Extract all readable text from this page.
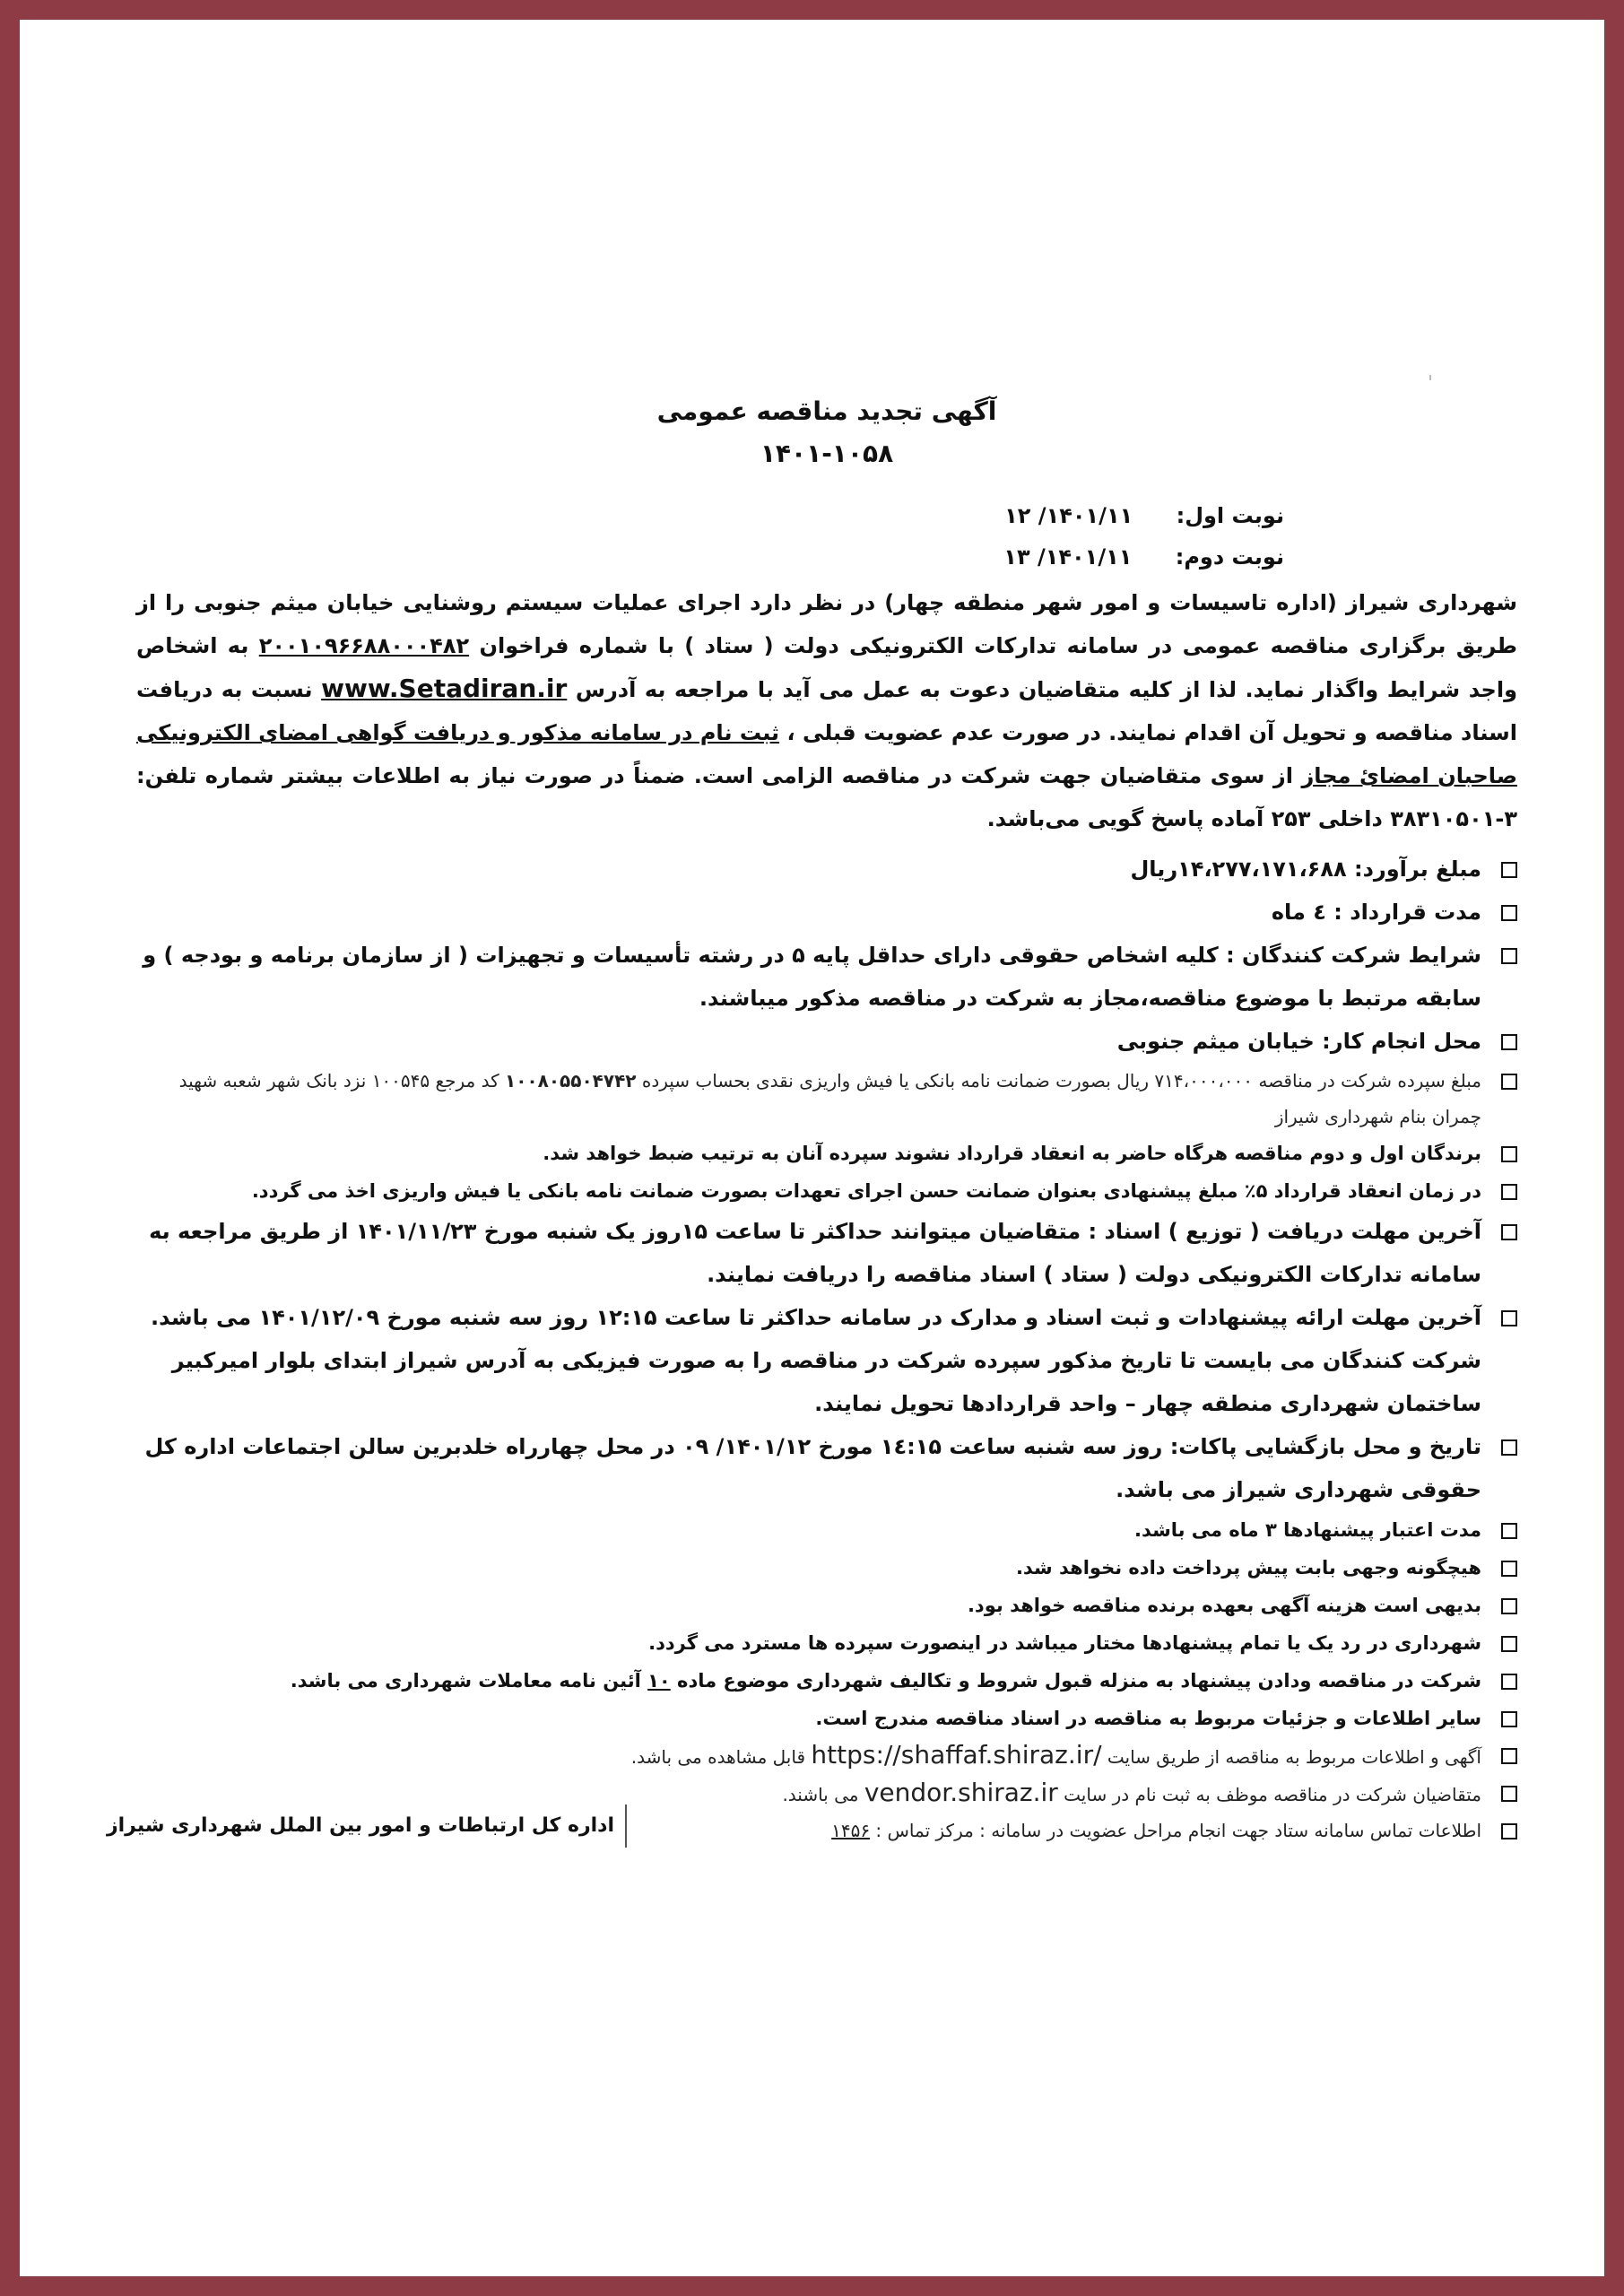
آگهی تجدید مناقصه عمومی
۱۴۰۱-۱۰۵۸
نوبت اول: ۱۴۰۱/۱۱/ ۱۲
نوبت دوم: ۱۴۰۱/۱۱/ ۱۳

شهرداری شیراز (اداره تاسیسات و امور شهر منطقه چهار) در نظر دارد اجرای عملیات سیستم روشنایی خیابان میثم جنوبی را از طریق برگزاری مناقصه عمومی در سامانه تدارکات الکترونیکی دولت ( ستاد ) با شماره فراخوان ۲۰۰۱۰۹۶۶۸۸۰۰۰۴۸۲ به اشخاص واجد شرایط واگذار نماید. لذا از کلیه متقاضیان دعوت به عمل می آید با مراجعه به آدرس www.Setadiran.ir نسبت به دریافت اسناد مناقصه و تحویل آن اقدام نمایند. در صورت عدم عضویت قبلی ، ثبت نام در سامانه مذکور و دریافت گواهی امضای الکترونیکی صاحبان امضایٔ مجاز از سوی متقاضیان جهت شرکت در مناقصه الزامی است. ضمناً در صورت نیاز به اطلاعات بیشتر شماره تلفن: ۳-۳۸۳۱۰۵۰۱ داخلی ۲۵۳ آماده پاسخ گویی می‌باشد.

مبلغ برآورد: ۱۴،۲۷۷،۱۷۱،۶۸۸ریال
مدت قرارداد : ٤ ماه
شرایط شرکت کنندگان : کلیه اشخاص حقوقی دارای حداقل پایه ۵ در رشته تأسیسات و تجهیزات ( از سازمان برنامه و بودجه ) و سابقه مرتبط با موضوع مناقصه،مجاز به شرکت در مناقصه مذکور میباشند.
محل انجام کار: خیابان میثم جنوبی
مبلغ سپرده شرکت در مناقصه ۷۱۴،۰۰۰،۰۰۰ ریال بصورت ضمانت نامه بانکی یا فیش واریزی نقدی بحساب سپرده ۱۰۰۸۰۵۵۰۴۷۴۲ کد مرجع ۱۰۰۵۴۵ نزد بانک شهر شعبه شهید چمران بنام شهرداری شیراز
برندگان اول و دوم مناقصه هرگاه حاضر به انعقاد قرارداد نشوند سپرده آنان به ترتیب ضبط خواهد شد.
در زمان انعقاد قرارداد ۵٪ مبلغ پیشنهادی بعنوان ضمانت حسن اجرای تعهدات بصورت ضمانت نامه بانکی یا فیش واریزی اخذ می گردد.
آخرین مهلت دریافت ( توزیع ) اسناد : متقاضیان میتوانند حداکثر تا ساعت ۱۵روز یک شنبه مورخ ۱۴۰۱/۱۱/۲۳ از طریق مراجعه به سامانه تدارکات الکترونیکی دولت ( ستاد ) اسناد مناقصه را دریافت نمایند.
آخرین مهلت ارائه پیشنهادات و ثبت اسناد و مدارک در سامانه حداکثر تا ساعت ۱۲:۱۵ روز سه شنبه مورخ ۱۴۰۱/۱۲/۰۹ می باشد. شرکت کنندگان می بایست تا تاریخ مذکور سپرده شرکت در مناقصه را به صورت فیزیکی به آدرس شیراز ابتدای بلوار امیرکبیر ساختمان شهرداری منطقه چهار – واحد قراردادها تحویل نمایند.
تاریخ و محل بازگشایی پاکات: روز سه شنبه ساعت ۱٤:۱۵ مورخ ۱۴۰۱/۱۲/ ۰۹ در محل چهارراه خلدبرین سالن اجتماعات اداره کل حقوقی شهرداری شیراز می باشد.
مدت اعتبار پیشنهادها ۳ ماه می باشد.
هیچگونه وجهی بابت پیش پرداخت داده نخواهد شد.
بدیهی است هزینه آگهی بعهده برنده مناقصه خواهد بود.
شهرداری در رد یک یا تمام پیشنهادها مختار میباشد در اینصورت سپرده ها مسترد می گردد.
شرکت در مناقصه ودادن پیشنهاد به منزله قبول شروط و تکالیف شهرداری موضوع ماده ۱۰ آئین نامه معاملات شهرداری می باشد.
سایر اطلاعات و جزئیات مربوط به مناقصه در اسناد مناقصه مندرج است.
آگهی و اطلاعات مربوط به مناقصه از طریق سایت https://shaffaf.shiraz.ir/ قابل مشاهده می باشد.
متقاضیان شرکت در مناقصه موظف به ثبت نام در سایت vendor.shiraz.ir می باشند.
اطلاعات تماس سامانه ستاد جهت انجام مراحل عضویت در سامانه : مرکز تماس : ۱۴۵۶
اداره کل ارتباطات و امور بین الملل شهرداری شیراز
